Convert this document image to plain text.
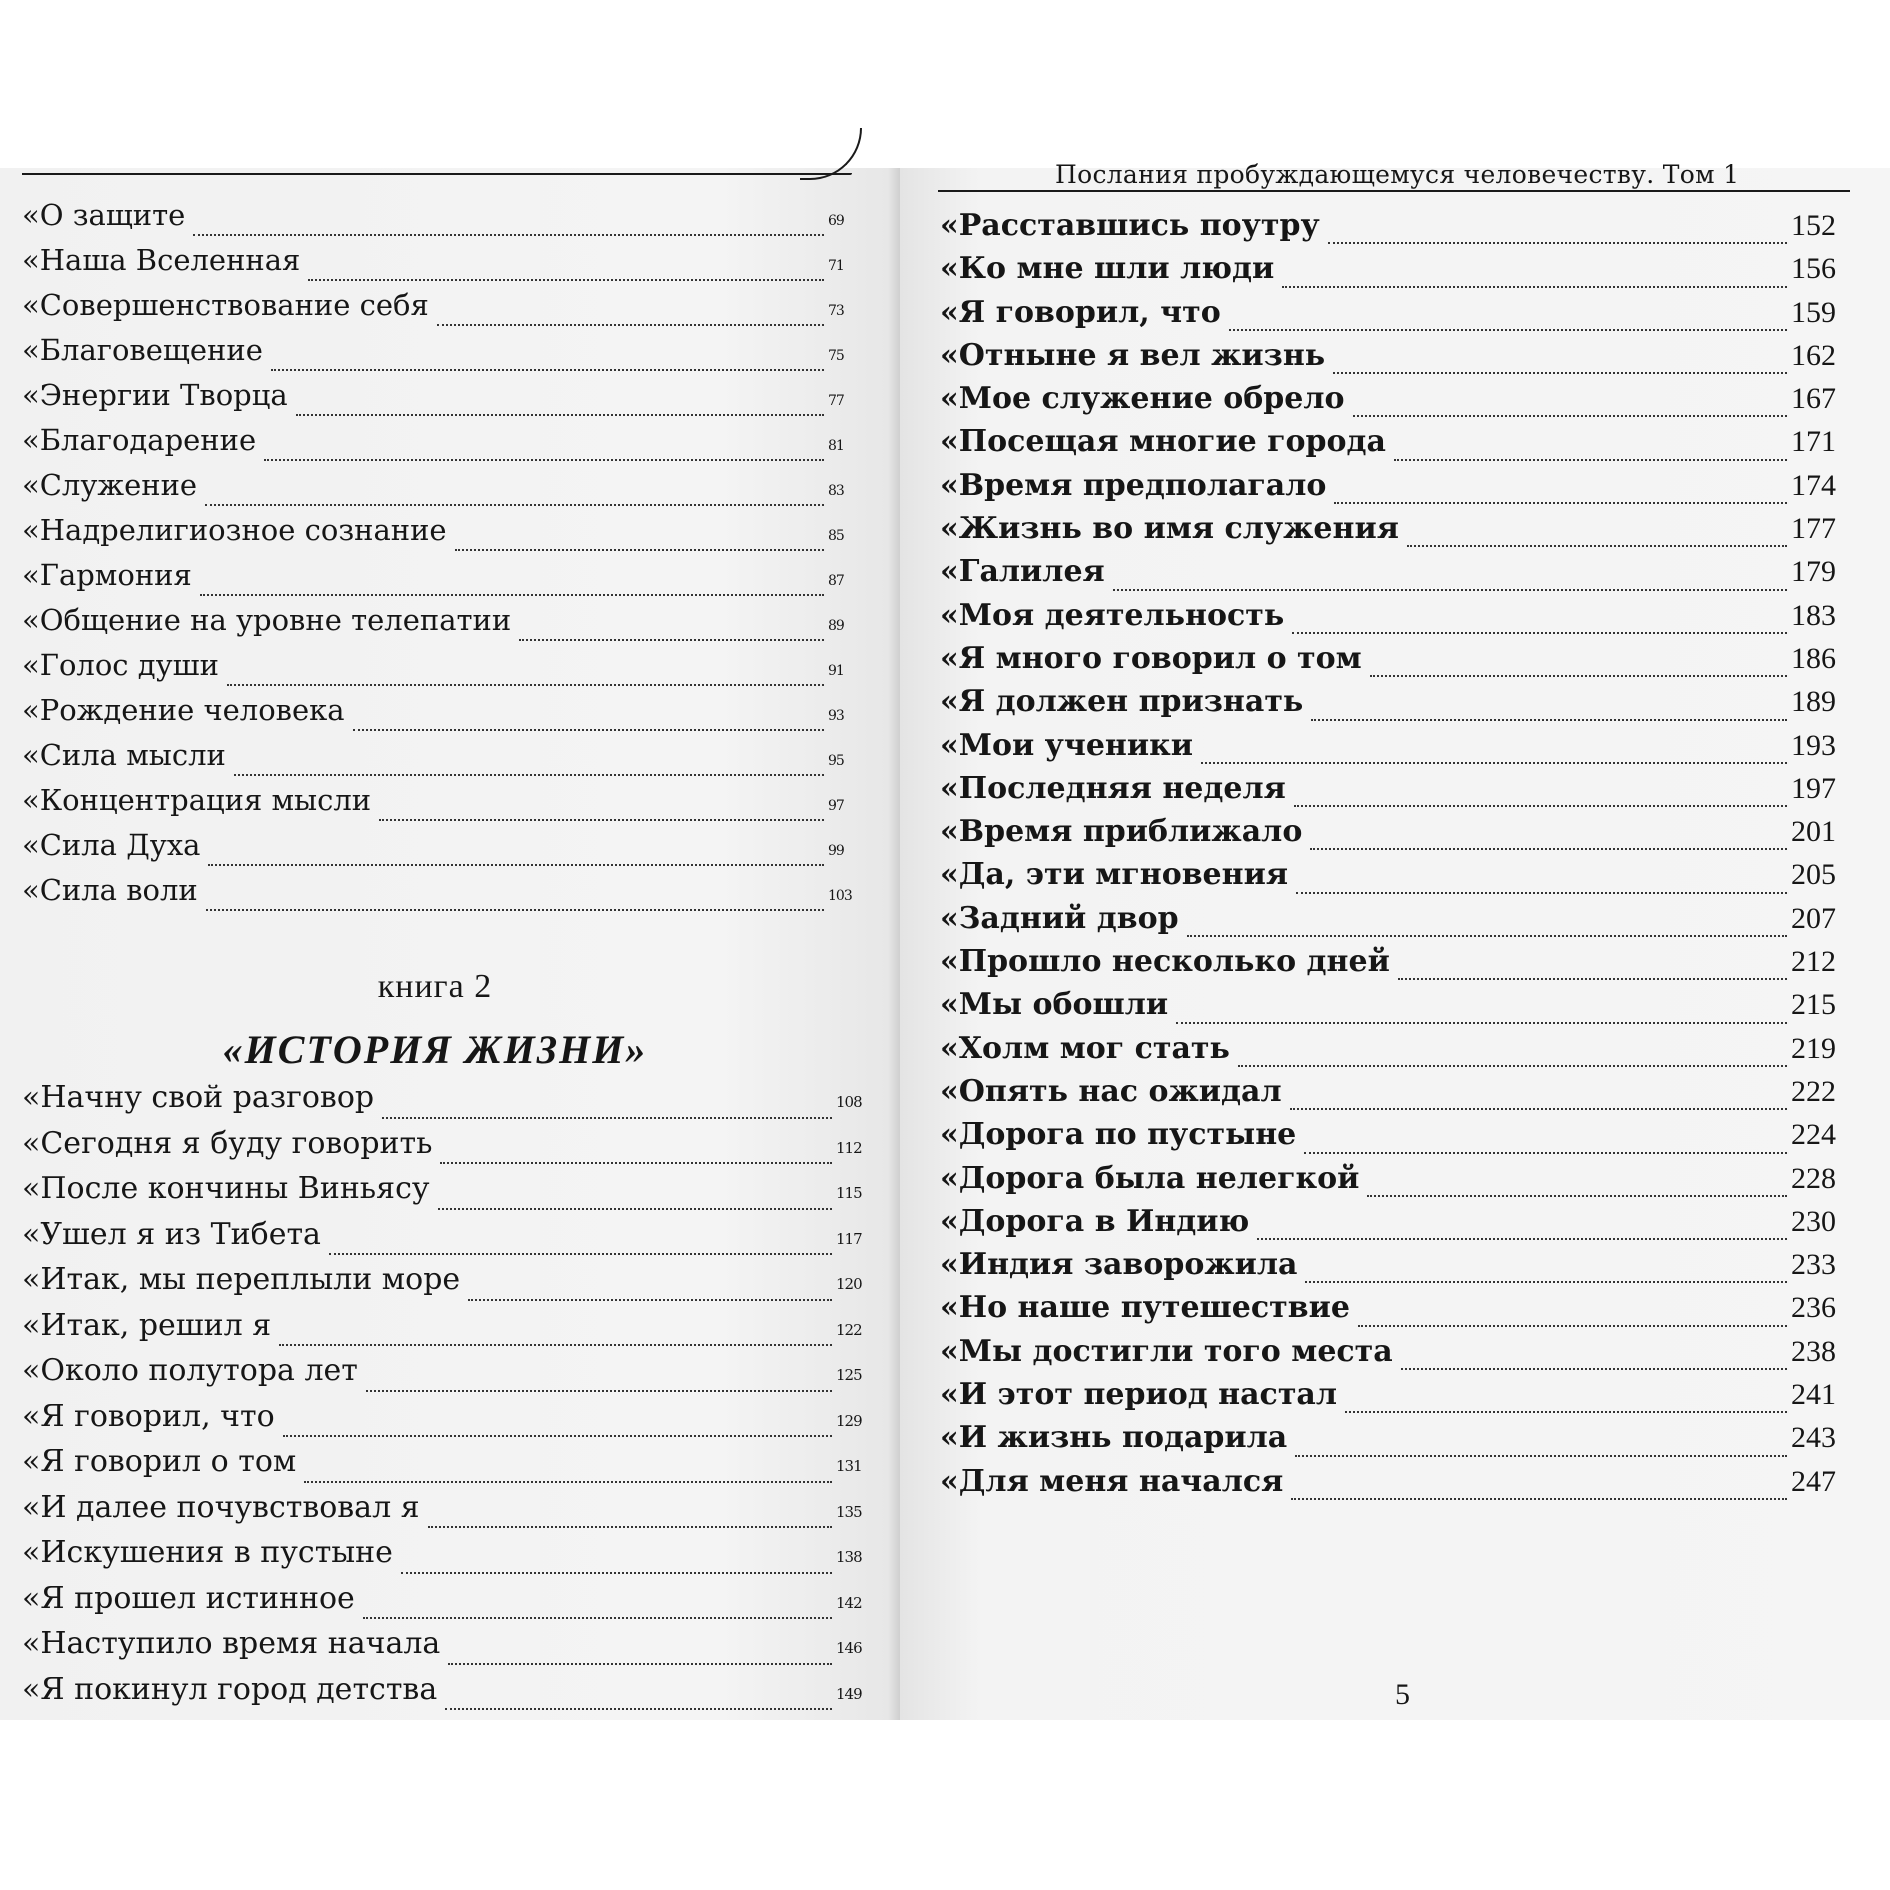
«О защите	69
«Наша Вселенная	71
«Совершенствование себя	73
«Благовещение	75
«Энергии Творца	77
«Благодарение	81
«Служение	83
«Надрелигиозное сознание	85
«Гармония	87
«Общение на уровне телепатии	89
«Голос души	91
«Рождение человека	93
«Сила мысли	95
«Концентрация мысли	97
«Сила Духа	99
«Сила воли	103
книга 2
«ИСТОРИЯ ЖИЗНИ»
«Начну свой разговор	108
«Сегодня я буду говорить	112
«После кончины Виньясу	115
«Ушел я из Тибета	117
«Итак, мы переплыли море	120
«Итак, решил я	122
«Около полутора лет	125
«Я говорил, что	129
«Я говорил о том	131
«И далее почувствовал я	135
«Искушения в пустыне	138
«Я прошел истинное	142
«Наступило время начала	146
«Я покинул город детства	149
Послания пробуждающемуся человечеству. Том 1
«Расставшись поутру	152
«Ко мне шли люди	156
«Я говорил, что	159
«Отныне я вел жизнь	162
«Мое служение обрело	167
«Посещая многие города	171
«Время предполагало	174
«Жизнь во имя служения	177
«Галилея	179
«Моя деятельность	183
«Я много говорил о том	186
«Я должен признать	189
«Мои ученики	193
«Последняя неделя	197
«Время приближало	201
«Да, эти мгновения	205
«Задний двор	207
«Прошло несколько дней	212
«Мы обошли	215
«Холм мог стать	219
«Опять нас ожидал	222
«Дорога по пустыне	224
«Дорога была нелегкой	228
«Дорога в Индию	230
«Индия заворожила	233
«Но наше путешествие	236
«Мы достигли того места	238
«И этот период настал	241
«И жизнь подарила	243
«Для меня начался	247
5
